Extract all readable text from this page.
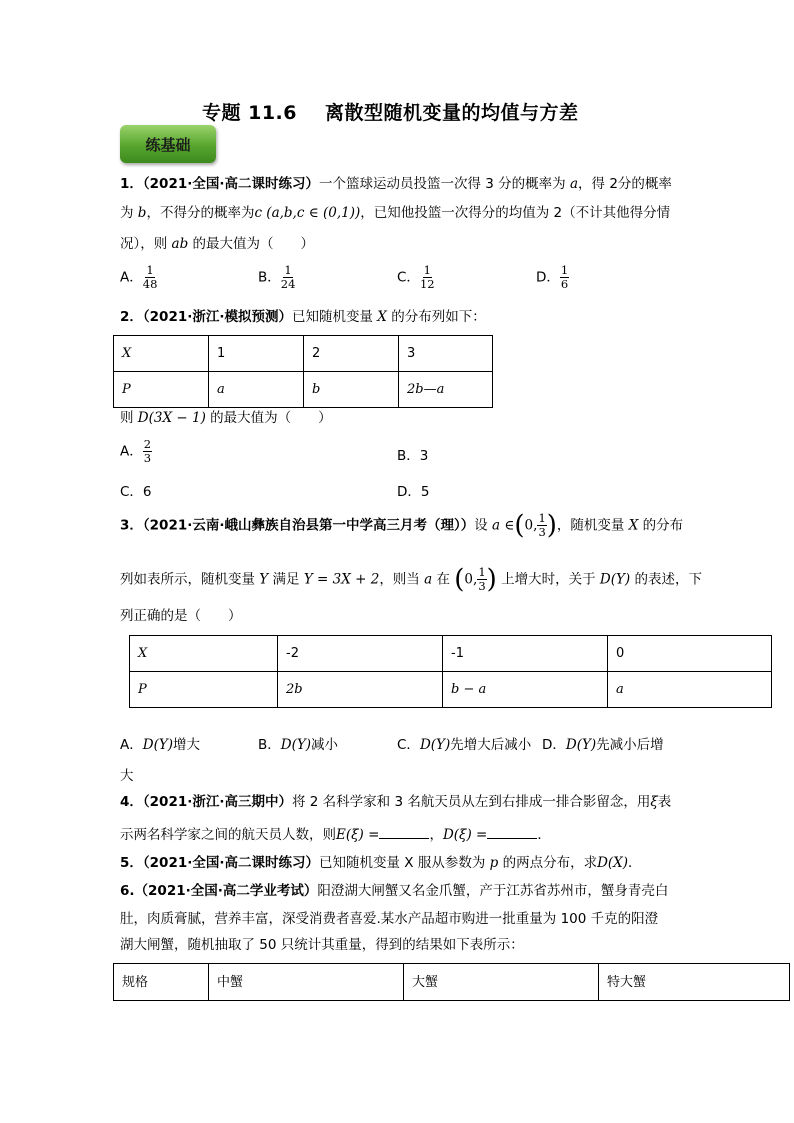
专题 11.6 离散型随机变量的均值与方差
练基础
1．（2021·全国·高二课时练习）一个篮球运动员投篮一次得 3 分的概率为 a，得 2分的概率
为 b，不得分的概率为c (a,b,c ∈ (0,1))，已知他投篮一次得分的均值为 2（不计其他得分情
况），则 ab 的最大值为（　　）
A． $\frac{1}{48}$	B． $\frac{1}{24}$	C． $\frac{1}{12}$	D． $\frac{1}{6}$
2．（2021·浙江·模拟预测）已知随机变量 X 的分布列如下：
X	1	2	3
P	a	b	2b—a
则 D(3X − 1) 的最大值为（　　）
A． $\frac{2}{3}$	B．3
C．6	D．5
3．（2021·云南·峨山彝族自治县第一中学高三月考（理））设 a ∈(0, $\frac{1}{3}$ )，随机变量 X 的分布
列如表所示，随机变量 Y 满足 Y = 3X + 2，则当 a 在 (0, $\frac{1}{3}$ ) 上增大时，关于 D(Y) 的表述，下
列正确的是（　　）
X	-2	-1	0
P	2b	b − a	a
A．D(Y)增大	B．D(Y)减小	C．D(Y)先增大后减小 D．D(Y)先减小后增
大
4．（2021·浙江·高三期中）将 2 名科学家和 3 名航天员从左到右排成一排合影留念，用ξ表
示两名科学家之间的航天员人数，则E(ξ) =	，D(ξ) =	．
5．（2021·全国·高二课时练习）已知随机变量 X 服从参数为 p 的两点分布，求D(X)．
6.（2021·全国·高二学业考试）阳澄湖大闸蟹又名金爪蟹，产于江苏省苏州市，蟹身青壳白
肚，肉质膏腻，营养丰富，深受消费者喜爱.某水产品超市购进一批重量为 100 千克的阳澄
湖大闸蟹，随机抽取了 50 只统计其重量，得到的结果如下表所示：
规格	中蟹	大蟹	特大蟹
